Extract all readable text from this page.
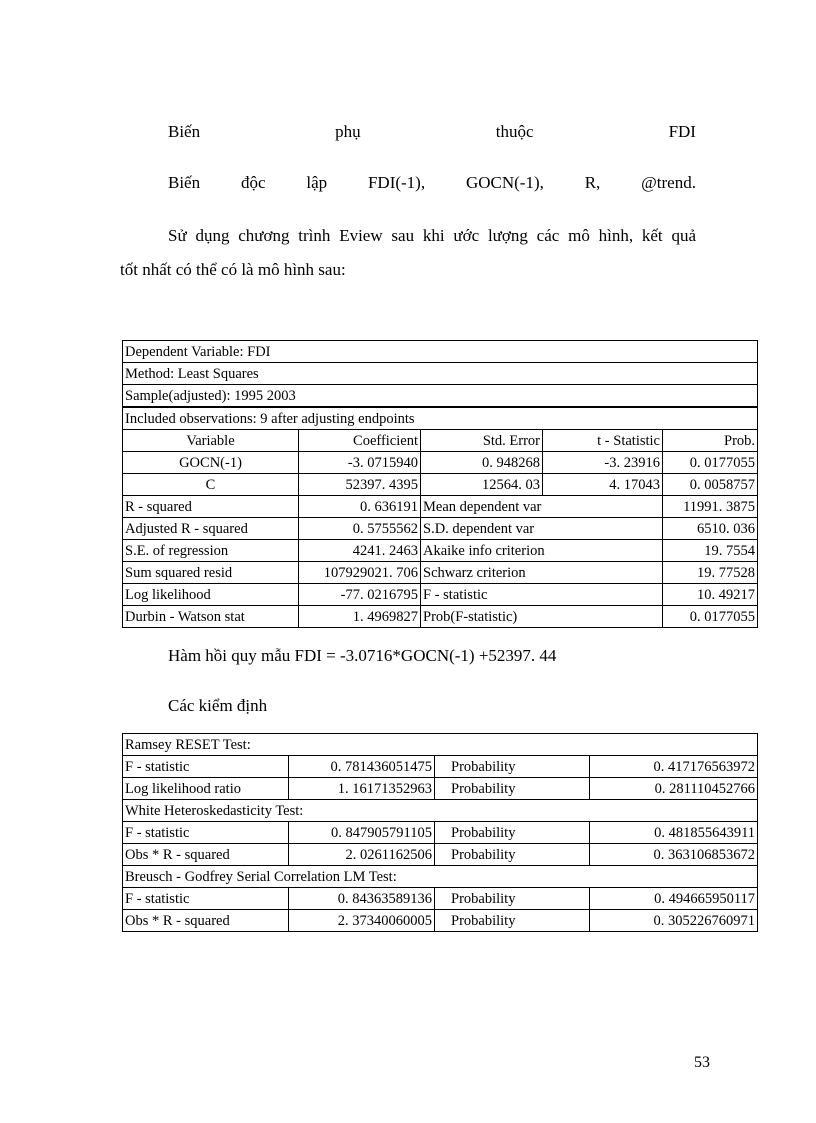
Biến	phụ	thuộc	FDI
Biến độc lập FDI(-1), GOCN(-1), R, @trend.
Sử dụng chương trình Eview sau khi ước lượng các mô hình, kết quả
tốt nhất có thể có là mô hình sau:
Dependent Variable: FDI				
Method: Least Squares				
Sample(adjusted): 1995 2003				
Included observations: 9 after adjusting endpoints				
Variable	Coefficient	Std. Error	t - Statistic	Prob.
GOCN(-1)	-3. 0715940	0. 948268	-3. 23916	0. 0177055
C	52397. 4395	12564. 03	4. 17043	0. 0058757
R - squared	0. 636191	Mean dependent var		11991. 3875
Adjusted R - squared	0. 5755562	S.D. dependent var		6510. 036
S.E. of regression	4241. 2463	Akaike info criterion		19. 7554
Sum squared resid	107929021. 706	Schwarz criterion		19. 77528
Log likelihood	-77. 0216795	F - statistic		10. 49217
Durbin - Watson stat	1. 4969827	Prob(F-statistic)		0. 0177055
Hàm hồi quy mẫu FDI = -3.0716*GOCN(-1) +52397. 44
Các kiểm định
Ramsey RESET Test:			
F - statistic	0. 781436051475	Probability	0. 417176563972
Log likelihood ratio	1. 16171352963	Probability	0. 281110452766
White Heteroskedasticity Test:			
F - statistic	0. 847905791105	Probability	0. 481855643911
Obs * R - squared	2. 0261162506	Probability	0. 363106853672
Breusch - Godfrey Serial Correlation LM Test:			
F - statistic	0. 84363589136	Probability	0. 494665950117
Obs * R - squared	2. 37340060005	Probability	0. 305226760971
53
